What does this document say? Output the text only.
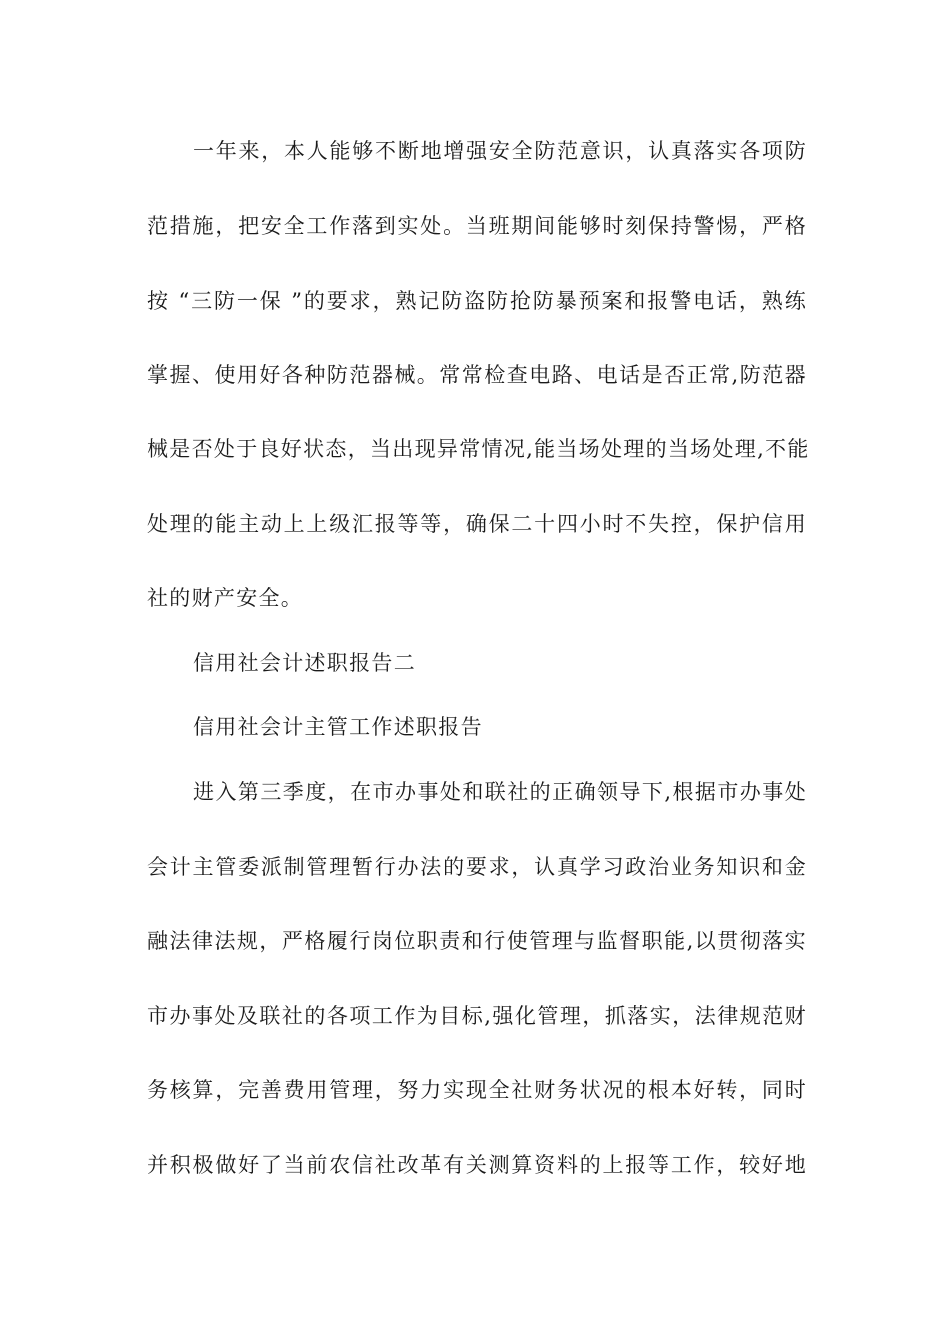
一年来，本人能够不断地增强安全防范意识，认真落实各项防
范措施，把安全工作落到实处。当班期间能够时刻保持警惕，严格
按 “三防一保 ”的要求，熟记防盗防抢防暴预案和报警电话，熟练
掌握、使用好各种防范器械。常常检查电路、电话是否正常,防范器
械是否处于良好状态，当出现异常情况,能当场处理的当场处理,不能
处理的能主动上上级汇报等等，确保二十四小时不失控，保护信用
社的财产安全。
信用社会计述职报告二
信用社会计主管工作述职报告
进入第三季度，在市办事处和联社的正确领导下,根据市办事处
会计主管委派制管理暂行办法的要求，认真学习政治业务知识和金
融法律法规，严格履行岗位职责和行使管理与监督职能,以贯彻落实
市办事处及联社的各项工作为目标,强化管理，抓落实，法律规范财
务核算，完善费用管理，努力实现全社财务状况的根本好转，同时
并积极做好了当前农信社改革有关测算资料的上报等工作，较好地
